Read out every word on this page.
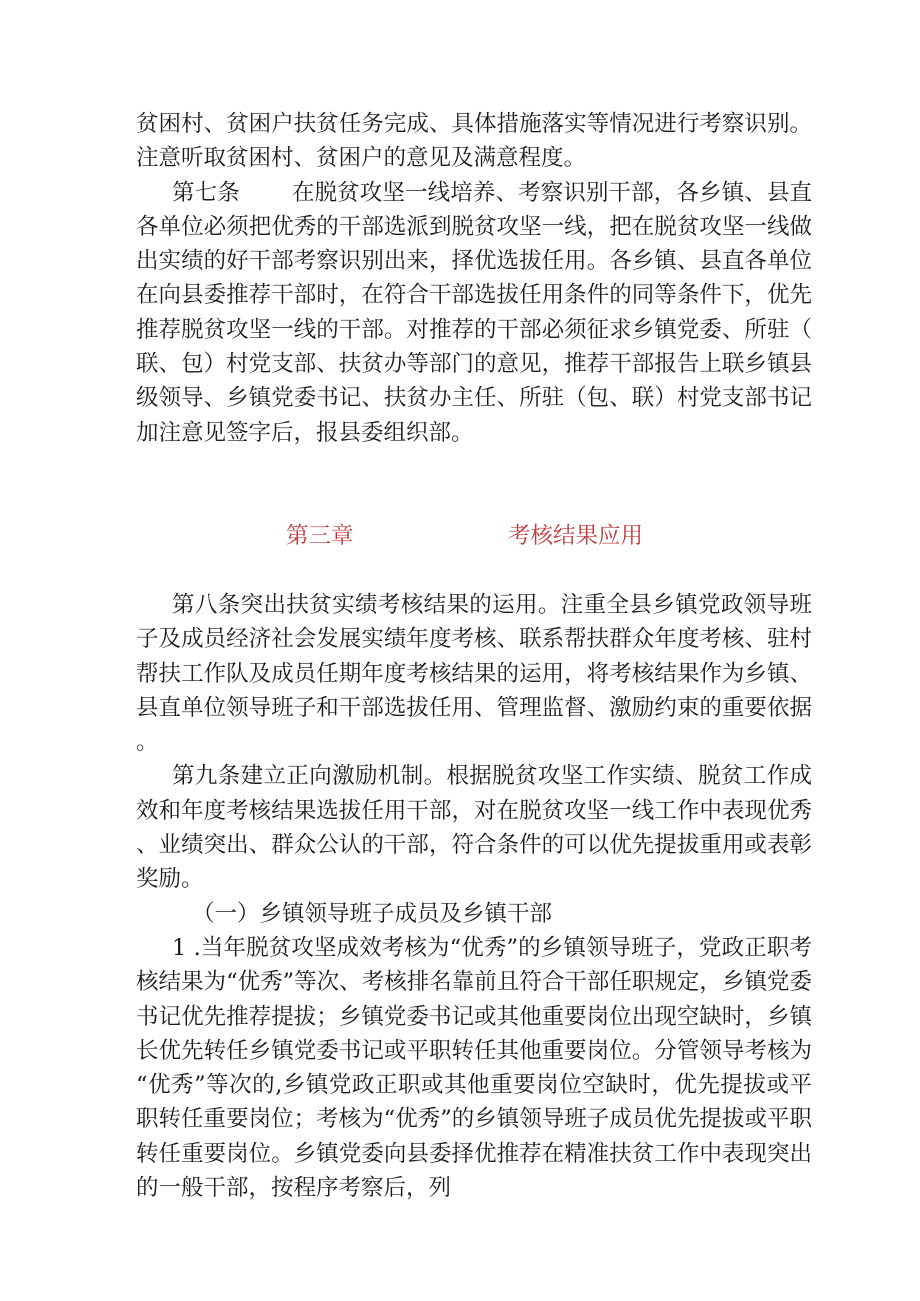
贫困村、贫困户扶贫任务完成、具体措施落实等情况进行考察识别。注意听取贫困村、贫困户的意见及满意程度。

第七条 在脱贫攻坚一线培养、考察识别干部，各乡镇、县直各单位必须把优秀的干部选派到脱贫攻坚一线，把在脱贫攻坚一线做出实绩的好干部考察识别出来，择优选拔任用。各乡镇、县直各单位在向县委推荐干部时，在符合干部选拔任用条件的同等条件下，优先推荐脱贫攻坚一线的干部。对推荐的干部必须征求乡镇党委、所驻（联、包）村党支部、扶贫办等部门的意见，推荐干部报告上联乡镇县级领导、乡镇党委书记、扶贫办主任、所驻（包、联）村党支部书记加注意见签字后，报县委组织部。

第三章	考核结果应用

第八条突出扶贫实绩考核结果的运用。注重全县乡镇党政领导班子及成员经济社会发展实绩年度考核、联系帮扶群众年度考核、驻村帮扶工作队及成员任期年度考核结果的运用，将考核结果作为乡镇、县直单位领导班子和干部选拔任用、管理监督、激励约束的重要依据。

第九条建立正向激励机制。根据脱贫攻坚工作实绩、脱贫工作成效和年度考核结果选拔任用干部，对在脱贫攻坚一线工作中表现优秀、业绩突出、群众公认的干部，符合条件的可以优先提拔重用或表彰奖励。

（一）乡镇领导班子成员及乡镇干部

1 .当年脱贫攻坚成效考核为“优秀”的乡镇领导班子，党政正职考核结果为“优秀”等次、考核排名靠前且符合干部任职规定，乡镇党委书记优先推荐提拔；乡镇党委书记或其他重要岗位出现空缺时，乡镇长优先转任乡镇党委书记或平职转任其他重要岗位。分管领导考核为“优秀”等次的,乡镇党政正职或其他重要岗位空缺时，优先提拔或平职转任重要岗位；考核为“优秀”的乡镇领导班子成员优先提拔或平职转任重要岗位。乡镇党委向县委择优推荐在精准扶贫工作中表现突出的一般干部，按程序考察后，列
